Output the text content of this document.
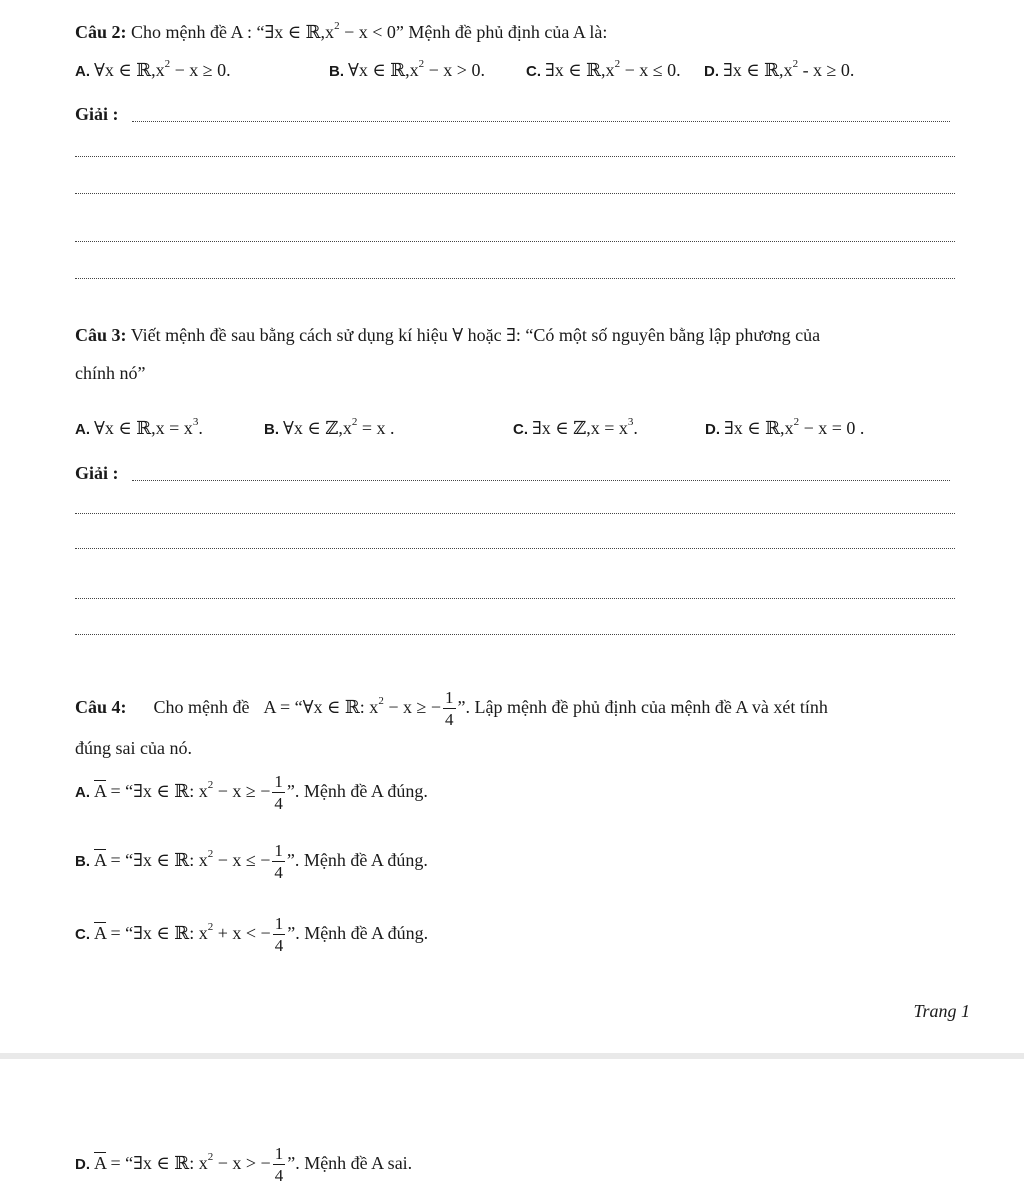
Câu 2: Cho mệnh đề A : “∃x ∈ $ℝ,x^2 - x < 0$” Mệnh đề phủ định của A là:
A. ∀x ∈ $ℝ,x^2 - x \ge 0$.	B. ∀x ∈ $ℝ,x^2 - x > 0$.	C. ∃x ∈ $ℝ,x^2 - x \le 0$. D. ∃x ∈ $ℝ,x^2 - x \ge 0$.
Giải :
Câu 3: Viết mệnh đề sau bằng cách sử dụng kí hiệu ∀ hoặc ∃: “Có một số nguyên bằng lập phương của
chính nó”
A. ∀x ∈ ℝ,x = $x^3$.	B. ∀x ∈ $ℤ,x^2 = x$ .	C. ∃x ∈ ℤ,x = $x^3$.	D. ∃x ∈ $ℝ,x^2 - x = 0$ .
Giải :
Câu 4: Cho mệnh đề A = “∀x ∈ ℝ: $x^2 - x$ ≥ − $\frac{1}{4}$ ”. Lập mệnh đề phủ định của mệnh đề A và xét tính
đúng sai của nó.
A. $\overline{A}$ = “∃x ∈ ℝ: $x^2 - x$ ≥ − $\frac{1}{4}$ ”. Mệnh đề A đúng.
B. $\overline{A}$ = “∃x ∈ ℝ: $x^2 - x$ ≤ − $\frac{1}{4}$ ”. Mệnh đề A đúng.
C. $\overline{A}$ = “∃x ∈ ℝ: $x^2 + x$ < − $\frac{1}{4}$ ”. Mệnh đề A đúng.
Trang 1
D. $\overline{A}$ = “∃x ∈ ℝ: $x^2 - x$ > − $\frac{1}{4}$ ”. Mệnh đề A sai.
